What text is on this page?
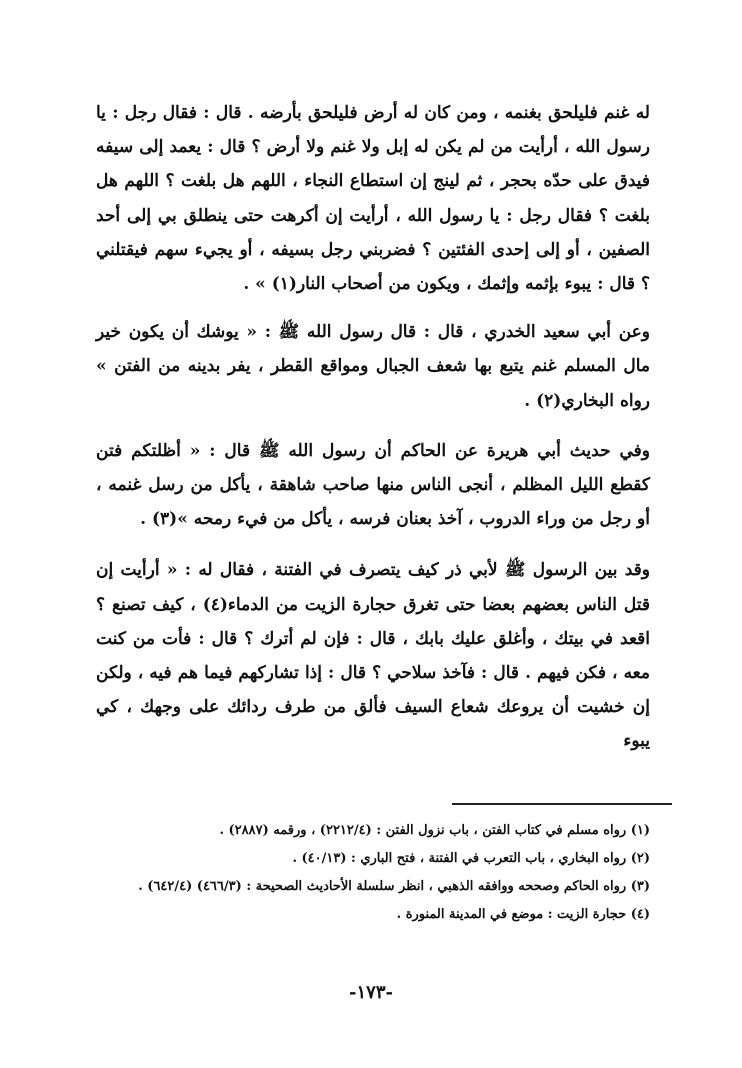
له غنم فليلحق بغنمه ، ومن كان له أرض فليلحق بأرضه . قال : فقال رجل : يا رسول الله ، أرأيت من لم يكن له إبل ولا غنم ولا أرض ؟ قال : يعمد إلى سيفه فيدق على حدّه بحجر ، ثم لينج إن استطاع النجاء ، اللهم هل بلغت ؟ اللهم هل بلغت ؟ فقال رجل : يا رسول الله ، أرأيت إن أكرهت حتى ينطلق بي إلى أحد الصفين ، أو إلى إحدى الفئتين ؟ فضربني رجل بسيفه ، أو يجيء سهم فيقتلني ؟ قال : يبوء بإثمه وإثمك ، ويكون من أصحاب النار(١) » .

وعن أبي سعيد الخدري ، قال : قال رسول الله ﷺ : « يوشك أن يكون خير مال المسلم غنم يتبع بها شعف الجبال ومواقع القطر ، يفر بدينه من الفتن » رواه البخاري(٢) .

وفي حديث أبي هريرة عن الحاكم أن رسول الله ﷺ قال : « أظلتكم فتن كقطع الليل المظلم ، أنجى الناس منها صاحب شاهقة ، يأكل من رسل غنمه ، أو رجل من وراء الدروب ، آخذ بعنان فرسه ، يأكل من فيء رمحه »(٣) .

وقد بين الرسول ﷺ لأبي ذر كيف يتصرف في الفتنة ، فقال له : « أرأيت إن قتل الناس بعضهم بعضا حتى تغرق حجارة الزيت من الدماء(٤) ، كيف تصنع ؟ اقعد في بيتك ، وأغلق عليك بابك ، قال : فإن لم أترك ؟ قال : فأت من كنت معه ، فكن فيهم . قال : فآخذ سلاحي ؟ قال : إذا تشاركهم فيما هم فيه ، ولكن إن خشيت أن يروعك شعاع السيف فألق من طرف ردائك على وجهك ، كي يبوء

(١) رواه مسلم في كتاب الفتن ، باب نزول الفتن : (٢٢١٢/٤) ، ورقمه (٢٨٨٧) .

(٢) رواه البخاري ، باب التعرب في الفتنة ، فتح الباري : (٤٠/١٣) .

(٣) رواه الحاكم وصححه ووافقه الذهبي ، انظر سلسلة الأحاديث الصحيحة : (٤٦٦/٣) (٦٤٢/٤) .

(٤) حجارة الزيت : موضع في المدينة المنورة .

-١٧٣-
